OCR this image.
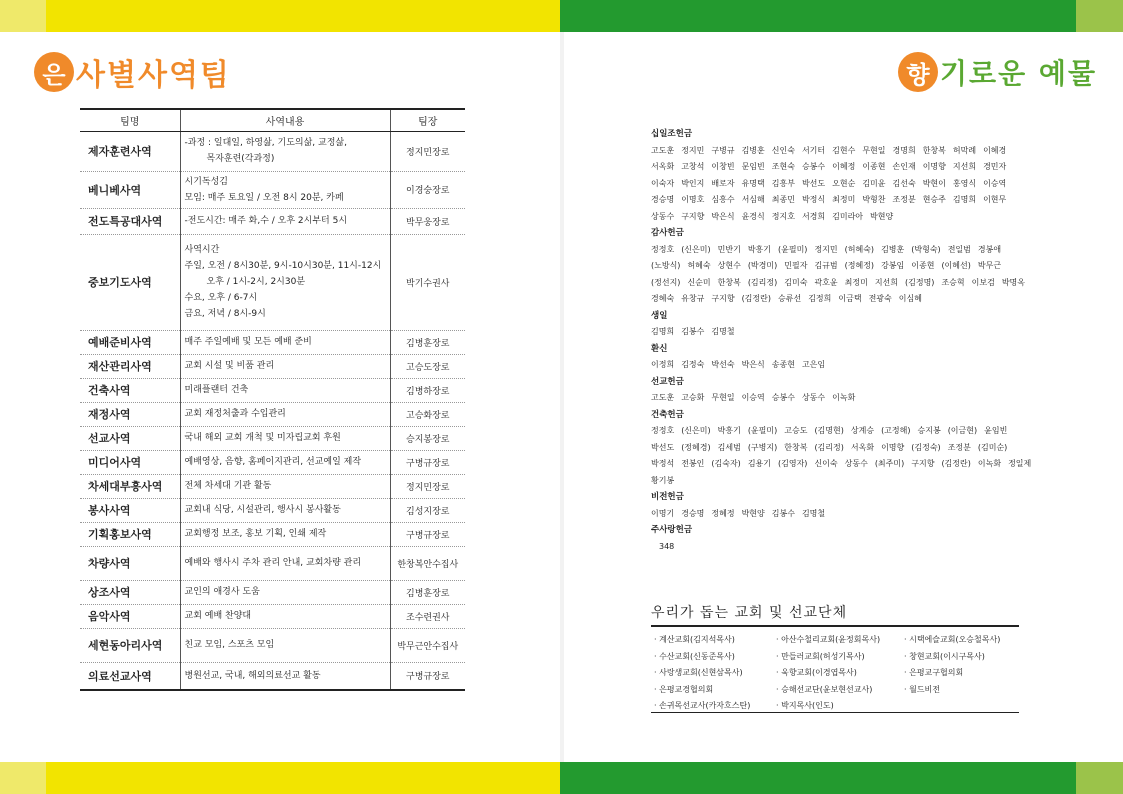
은 사별사역팀
팀명	사역내용	팀장
제자훈련사역	-과정 : 일대일, 하영삶, 기도의삶, 교정삶,
목자훈련(각과정)	정지민장로
베니베사역	시기독성김
모임: 매주 토요일 / 오전 8시 20분, 카페	이경숭장로
전도특공대사역	-전도시간: 매주 화,수 / 오후 2시부터 5시	박무웅장로
중보기도사역	사역시간
주일, 오전 / 8시30분, 9시-10시30분, 11시-12시
오후 / 1시-2시, 2시30분
수요, 오후 / 6-7시
금요, 저녁 / 8시-9시	박기수권사
예배준비사역	매주 주일예배 및 모든 예배 준비	김병훈장로
재산관리사역	교회 시설 및 비품 관리	고승도장로
건축사역	미래플랜터 건축	김병하장로
재정사역	교회 재정처출과 수입관리	고승화장로
선교사역	국내 해외 교회 개척 및 미자립교회 후원	승지봉장로
미디어사역	예배영상, 음향, 홈페이지관리, 선교예일 제작	구병규장로
차세대부흥사역	전체 차세대 기관 활동	정지민장로
봉사사역	교회내 식당, 시설관리, 행사시 봉사활동	김성지장로
기획홍보사역	교회행정 보조, 홍보 기획, 인쇄 제작	구병규장로
차량사역	예배와 행사시 주차 관리 안내, 교회차량 관리	한창복안수집사
상조사역	교인의 애경사 도움	김병훈장로
음악사역	교회 예배 찬양대	조수련권사
세현동아리사역	친교 모임, 스포츠 모임	박무근안수집사
의료선교사역	병원선교, 국내, 해외의료선교 활동	구병규장로
향 기로운 예물
십일조헌금
고도훈 정지민 구병규 김병훈 신인숙 서기터 김현수 무현일 경명희 한창복 허막례 이혜경
서옥화 고창석 이창빈 문임빈 조현숙 승봉수 이혜정 이종현 손인재 이명향 지선희 경민자
이숙자 박인지 배로자 유명택 김흥부 박선도 오현순 김미윤 김선숙 박현이 홍영식 이승역
경승명 이명호 심흥수 서심해 최종민 박정식 최정미 박형찬 조정분 현승주 김명희 이현무
상동수 구지향 박은식 윤경식 정지호 서경희 김미라아 박현양
감사헌금
정정호 (신은미) 민반기 박흥기 (윤필미) 정지민 (허혜숙) 김병훈 (박형숙) 전일범 경봉애
(노방식) 허혜숙 상현수 (박경미) 민필자 김규범 (정혜정) 강봉임 이종현 (이혜선) 박무근
(정선지) 신순미 한창복 (김리정) 김미숙 곽호윤 최정미 지선희 (김정명) 조승혁 이보검 박명옥
경혜숙 유창규 구지향 (김정란) 승류선 김정희 이금택 전광숙 이심혜
생일
김명희 김봉수 김명철
환신
이정희 김정숙 박선숙 박은식 송종현 고은임
선교헌금
고도훈 고승화 무현일 이승역 승봉수 상동수 이녹화
건축헌금
정정호 (신은미) 박흥기 (윤필미) 고승도 (김명현) 상계승 (고정해) 승지봉 (이금현) 윤임빈
박선도 (정혜경) 김세범 (구병지) 한창복 (김리정) 서옥화 이명향 (김정숙) 조정분 (김미순)
박정석 전봉인 (김숙자) 김용기 (김영자) 신이숙 상동수 (최주미) 구지향 (김정란) 이녹화 정일제
황기봉
비전헌금
이명기 경승명 정혜정 박현양 김봉수 김명철
주사랑헌금
348
우리가 돕는 교회 및 선교단체
· 계산교회(김지석목사)	· 아산수철리교회(윤정회목사)	· 시택에슬교회(오승철목사)
· 수산교회(신동준목사)	· 만들러교회(허성기목사)	· 창현교회(이시구목사)
· 사랑생교회(신현삼목사)	· 욱향교회(이경엽목사)	· 은평교구협의회
· 은평교경협의회	· 승해선교단(윤보현선교사)	· 월드비전
· 손귀목선교사(카자흐스탄)	· 박지목사(인도)
